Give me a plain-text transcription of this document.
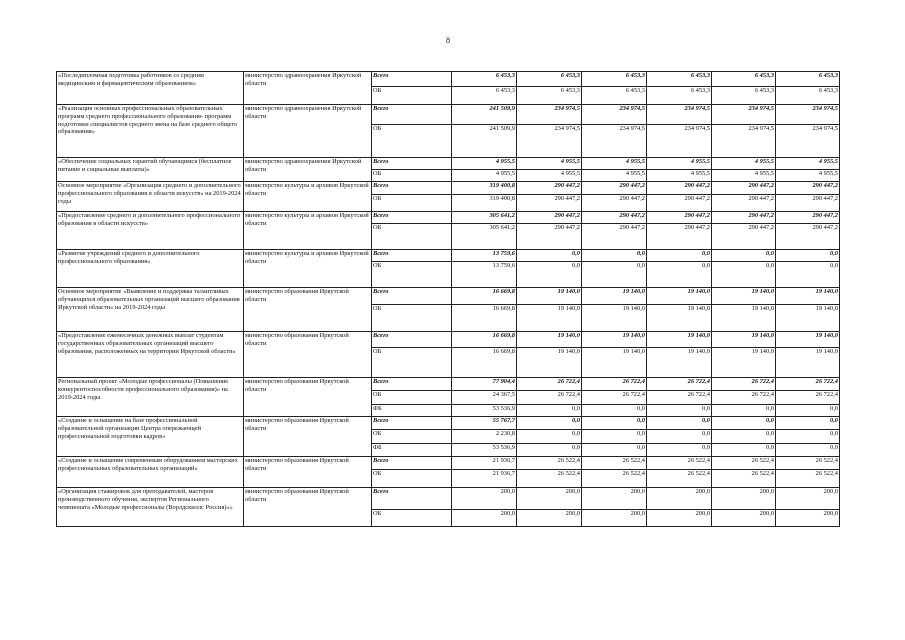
8
«Последипломная подготовка работников со средним медицинским и фармацевтическим образованием»	министерство здравоохранения Иркутской области	Всего	6 453,3	6 453,3	6 453,3	6 453,3	6 453,3	6 453,3
		ОБ	6 453,3	6 453,3	6 453,3	6 453,3	6 453,3	6 453,3
«Реализация основных профессиональных образовательных программ среднего профессионального образования- программ подготовки специалистов среднего звена на базе среднего общего образования»	министерство здравоохранения Иркутской области	Всего	241 509,9	234 974,5	234 974,5	234 974,5	234 974,5	234 974,5
		ОБ	241 509,9	234 974,5	234 974,5	234 974,5	234 974,5	234 974,5
«Обеспечение социальных гарантий обучающимся (бесплатное питание и социальные выплаты)»	министерство здравоохранения Иркутской области	Всего	4 955,5	4 955,5	4 955,5	4 955,5	4 955,5	4 955,5
		ОБ	4 955,5	4 955,5	4 955,5	4 955,5	4 955,5	4 955,5
Основное мероприятие «Организация среднего и дополнительного профессионального образования в области искусств» на 2019-2024 годы	министерство культуры и архивов Иркутской области	Всего	319 400,8	290 447,2	290 447,2	290 447,2	290 447,2	290 447,2
		ОБ	319 400,8	290 447,2	290 447,2	290 447,2	290 447,2	290 447,2
«Предоставление среднего и дополнительного профессионального образования в области искусств»	министерство культуры и архивов Иркутской области	Всего	305 641,2	290 447,2	290 447,2	290 447,2	290 447,2	290 447,2
		ОБ	305 641,2	290 447,2	290 447,2	290 447,2	290 447,2	290 447,2
«Развитие учреждений среднего и дополнительного профессионального образования»	министерство культуры и архивов Иркутской области	Всего	13 759,6	0,0	0,0	0,0	0,0	0,0
		ОБ	13 759,6	0,0	0,0	0,0	0,0	0,0
Основное мероприятие «Выявление и поддержка талантливых обучающихся образовательных организаций высшего образования Иркутской области» на 2019-2024 годы	министерство образования Иркутской области	Всего	16 669,8	19 140,0	19 140,0	19 140,0	19 140,0	19 140,0
		ОБ	16 669,8	19 140,0	19 140,0	19 140,0	19 140,0	19 140,0
«Предоставление ежемесячных денежных выплат студентам государственных образовательных организаций высшего образования, расположенных на территории Иркутской области»	министерство образования Иркутской области	Всего	16 669,8	19 140,0	19 140,0	19 140,0	19 140,0	19 140,0
		ОБ	16 669,8	19 140,0	19 140,0	19 140,0	19 140,0	19 140,0
Региональный проект «Молодые профессионалы (Повышение конкурентоспособности профессионального образования)» на 2019-2024 годы	министерство образования Иркутской области	Всего	77 904,4	26 722,4	26 722,4	26 722,4	26 722,4	26 722,4
		ОБ	24 367,5	26 722,4	26 722,4	26 722,4	26 722,4	26 722,4
		ФБ	53 536,9	0,0	0,0	0,0	0,0	0,0
«Создание и оснащение на базе профессиональной образовательной организации Центра опережающей профессиональной подготовки кадров»	министерство образования Иркутской области	Всего	55 767,7	0,0	0,0	0,0	0,0	0,0
		ОБ	2 230,8	0,0	0,0	0,0	0,0	0,0
		ФБ	53 536,9	0,0	0,0	0,0	0,0	0,0
«Создание и оснащение современным оборудованием мастерских профессиональных образовательных организаций»	министерство образования Иркутской области	Всего	21 936,7	26 522,4	26 522,4	26 522,4	26 522,4	26 522,4
		ОБ	21 936,7	26 522,4	26 522,4	26 522,4	26 522,4	26 522,4
«Организация стажировок для преподавателей, мастеров производственного обучения, экспертов Регионального чемпионата «Молодые профессионалы (Ворлдскиллс Россия)»»	министерство образования Иркутской области	Всего	200,0	200,0	200,0	200,0	200,0	200,0
		ОБ	200,0	200,0	200,0	200,0	200,0	200,0
